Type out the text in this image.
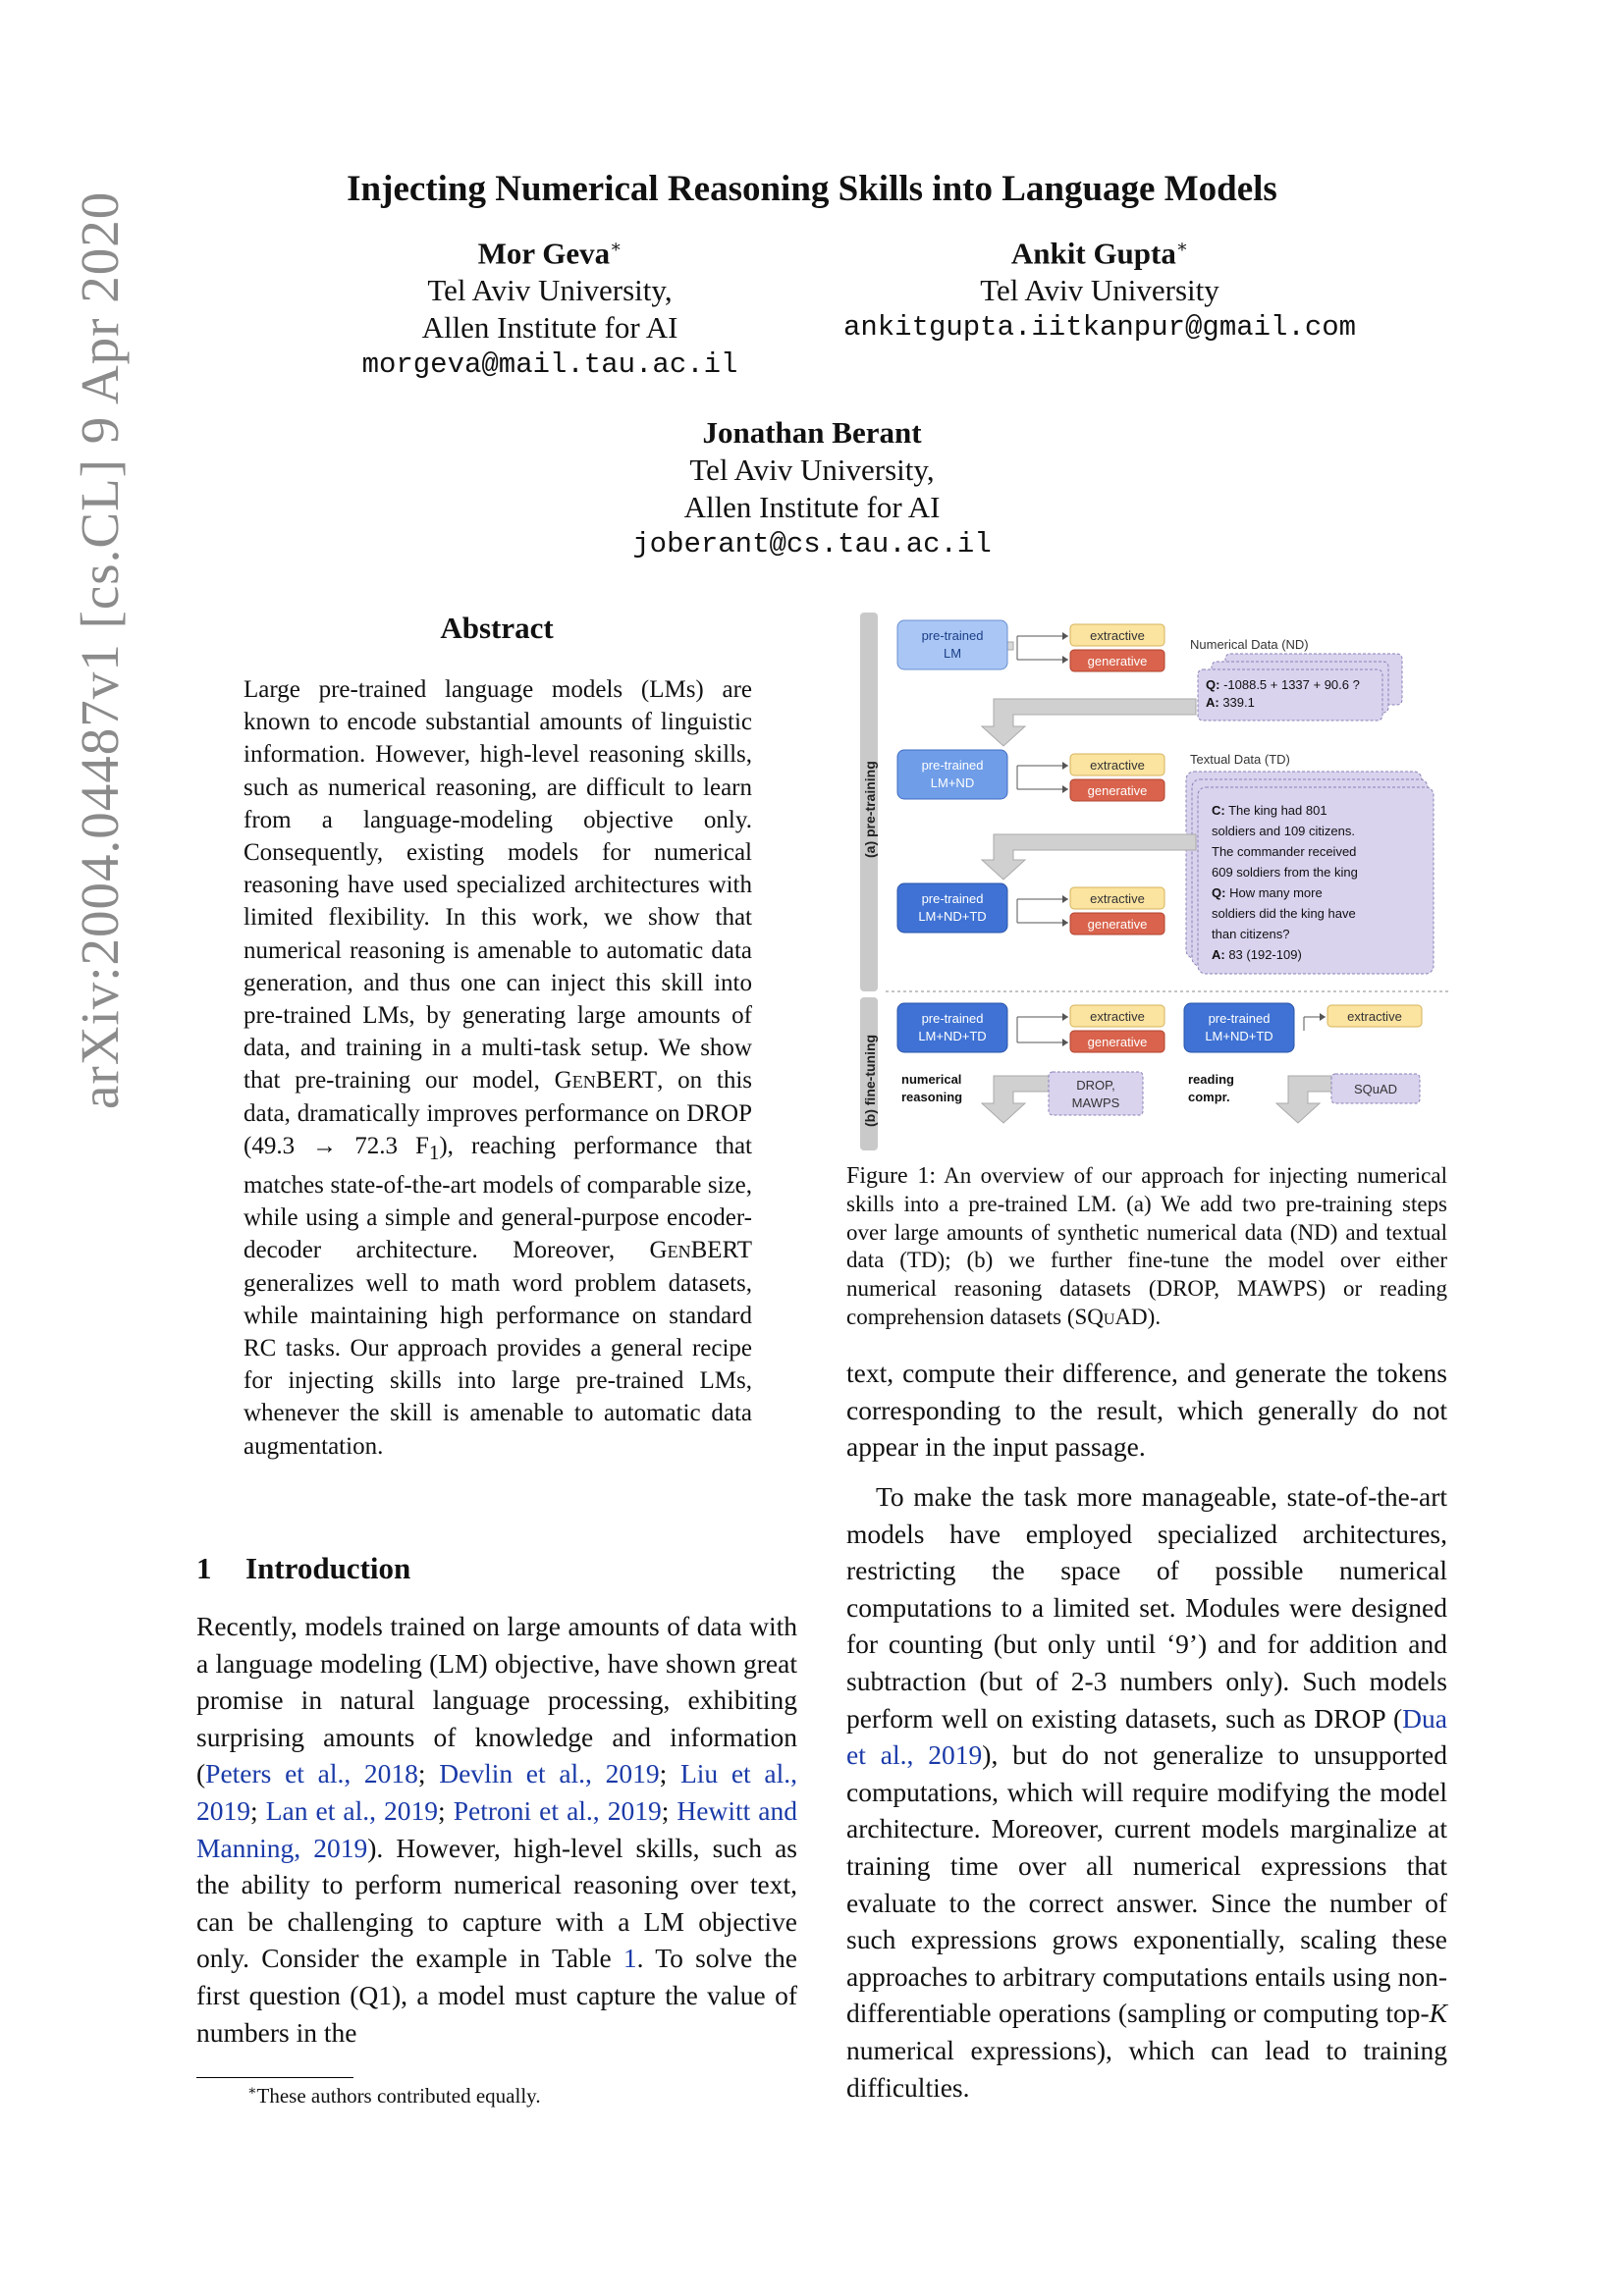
Injecting Numerical Reasoning Skills into Language Models
Mor Geva∗
Tel Aviv University,
Allen Institute for AI
morgeva@mail.tau.ac.il
Ankit Gupta∗
Tel Aviv University
ankitgupta.iitkanpur@gmail.com
Jonathan Berant
Tel Aviv University,
Allen Institute for AI
joberant@cs.tau.ac.il
arXiv:2004.04487v1 [cs.CL] 9 Apr 2020	Abstract

Large pre-trained language models (LMs) are known to encode substantial amounts of linguistic information. However, high-level reasoning skills, such as numerical reasoning, are difficult to learn from a language-modeling objective only. Consequently, existing models for numerical reasoning have used specialized architectures with limited flexibility. In this work, we show that numerical reasoning is amenable to automatic data generation, and thus one can inject this skill into pre-trained LMs, by generating large amounts of data, and training in a multi-task setup. We show that pre-training our model, GenBERT, on this data, dramatically improves performance on DROP (49.3 → 72.3 $F_1$), reaching performance that matches state-of-the-art models of comparable size, while using a simple and general-purpose encoder-decoder architecture. Moreover, GenBERT generalizes well to math word problem datasets, while maintaining high performance on standard RC tasks. Our approach provides a general recipe for injecting skills into large pre-trained LMs, whenever the skill is amenable to automatic data augmentation.

1 Introduction

Recently, models trained on large amounts of data with a language modeling (LM) objective, have shown great promise in natural language processing, exhibiting surprising amounts of knowledge and information (Peters et al., 2018; Devlin et al., 2019; Liu et al., 2019; Lan et al., 2019; Petroni et al., 2019; Hewitt and Manning, 2019). However, high-level skills, such as the ability to perform numerical reasoning over text, can be challenging to capture with a LM objective only. Consider the example in Table 1. To solve the first question (Q1), a model must capture the value of numbers in the

∗These authors contributed equally.
(a) pre-training
(b) fine-tuning
Numerical Data (ND)
Q: -1088.5 + 1337 + 90.6 ?
A: 339.1
Textual Data (TD)
C: The king had 801
soldiers and 109 citizens.
The commander received
609 soldiers from the king
Q: How many more
soldiers did the king have
than citizens?
A: 83 (192-109)
pre-trained
LM
extractive
generative
pre-trained
LM+ND
extractive
generative
pre-trained
LM+ND+TD
extractive
generative
pre-trained
LM+ND+TD
extractive
generative
numerical
reasoning
DROP,
MAWPS
pre-trained
LM+ND+TD
extractive
reading
compr.
SQuAD
Figure 1: An overview of our approach for injecting numerical skills into a pre-trained LM. (a) We add two pre-training steps over large amounts of synthetic numerical data (ND) and textual data (TD); (b) we further fine-tune the model over either numerical reasoning datasets (DROP, MAWPS) or reading comprehension datasets (SQuAD).

text, compute their difference, and generate the tokens corresponding to the result, which generally do not appear in the input passage.

To make the task more manageable, state-of-the-art models have employed specialized architectures, restricting the space of possible numerical computations to a limited set. Modules were designed for counting (but only until ‘9’) and for addition and subtraction (but of 2-3 numbers only). Such models perform well on existing datasets, such as DROP (Dua et al., 2019), but do not generalize to unsupported computations, which will require modifying the model architecture. Moreover, current models marginalize at training time over all numerical expressions that evaluate to the correct answer. Since the number of such expressions grows exponentially, scaling these approaches to arbitrary computations entails using non-differentiable operations (sampling or computing top-K numerical expressions), which can lead to training difficulties.
